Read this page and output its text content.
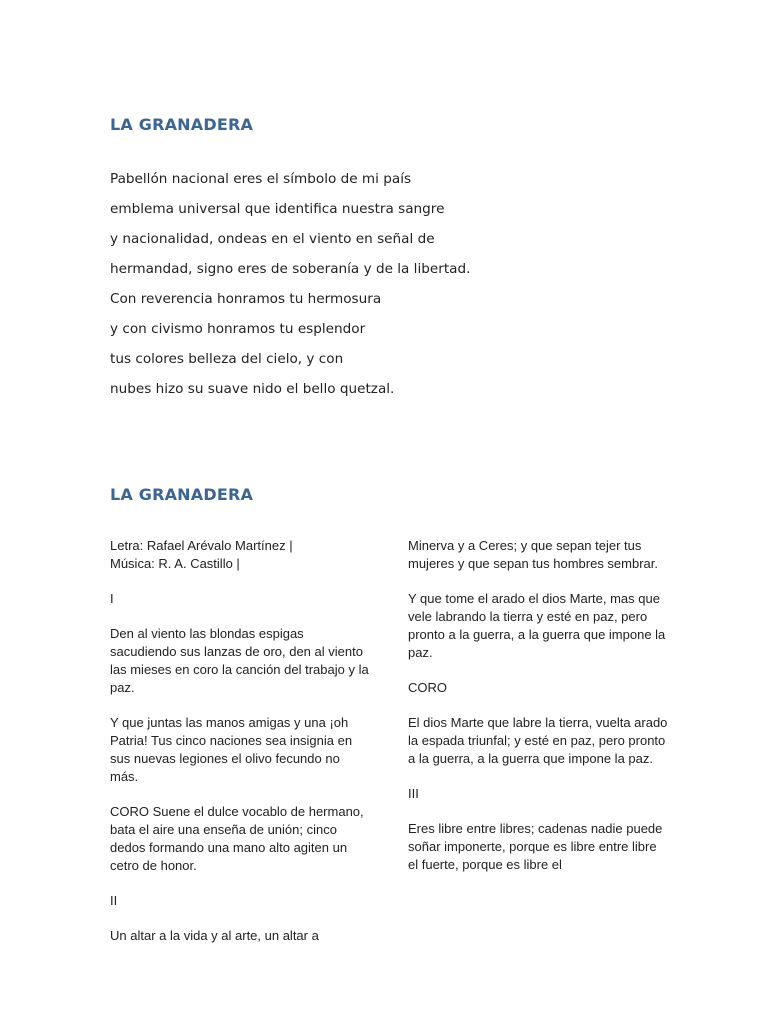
LA GRANADERA
Pabellón nacional eres el símbolo de mi país
emblema universal que identifica nuestra sangre
y nacionalidad, ondeas en el viento en señal de
hermandad, signo eres de soberanía y de la libertad.
Con reverencia honramos tu hermosura
y con civismo honramos tu esplendor
tus colores belleza del cielo, y con
nubes hizo su suave nido el bello quetzal.
LA GRANADERA

Letra: Rafael Arévalo Martínez |
Música: R. A. Castillo |

I

Den al viento las blondas espigas sacudiendo sus lanzas de oro, den al viento las mieses en coro la canción del trabajo y la paz.

Y que juntas las manos amigas y una ¡oh Patria! Tus cinco naciones sea insignia en sus nuevas legiones el olivo fecundo no más.

CORO Suene el dulce vocablo de hermano, bata el aire una enseña de unión; cinco dedos formando una mano alto agiten un cetro de honor.

II

Un altar a la vida y al arte, un altar a

Minerva y a Ceres; y que sepan tejer tus mujeres y que sepan tus hombres sembrar.

Y que tome el arado el dios Marte, mas que vele labrando la tierra y esté en paz, pero pronto a la guerra, a la guerra que impone la paz.

CORO

El dios Marte que labre la tierra, vuelta arado la espada triunfal; y esté en paz, pero pronto a la guerra, a la guerra que impone la paz.

III

Eres libre entre libres; cadenas nadie puede soñar imponerte, porque es libre entre libre el fuerte, porque es libre el
